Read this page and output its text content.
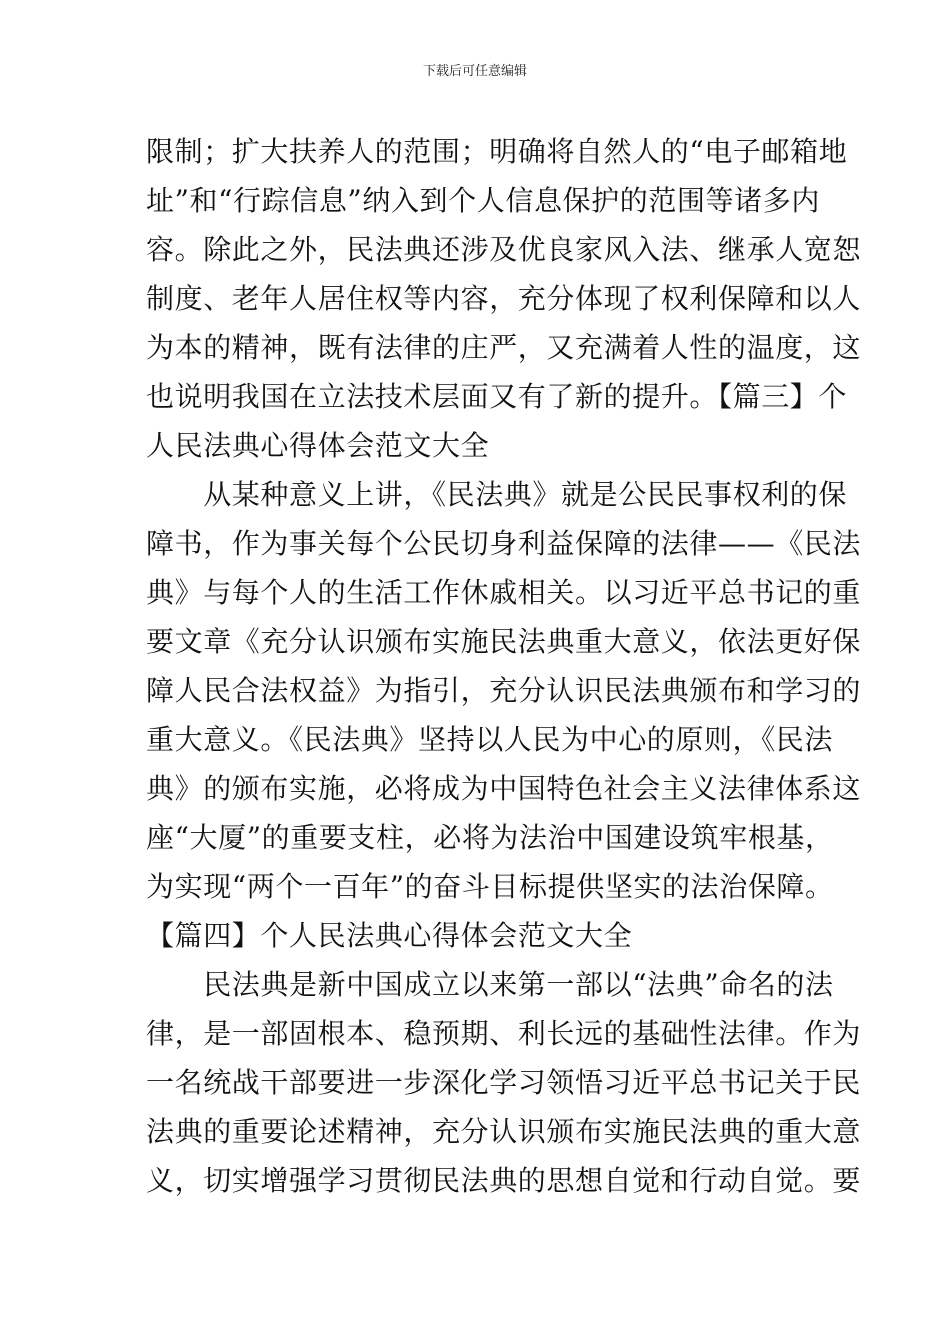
下载后可任意编辑
限制；扩大扶养人的范围；明确将自然人的“电子邮箱地
址”和“行踪信息”纳入到个人信息保护的范围等诸多内
容。除此之外，民法典还涉及优良家风入法、继承人宽恕
制度、老年人居住权等内容，充分体现了权利保障和以人
为本的精神，既有法律的庄严，又充满着人性的温度，这
也说明我国在立法技术层面又有了新的提升。【篇三】个
人民法典心得体会范文大全
　　从某种意义上讲，《民法典》就是公民民事权利的保
障书，作为事关每个公民切身利益保障的法律——《民法
典》与每个人的生活工作休戚相关。以习近平总书记的重
要文章《充分认识颁布实施民法典重大意义，依法更好保
障人民合法权益》为指引，充分认识民法典颁布和学习的
重大意义。《民法典》坚持以人民为中心的原则，《民法
典》的颁布实施，必将成为中国特色社会主义法律体系这
座“大厦”的重要支柱，必将为法治中国建设筑牢根基，
为实现“两个一百年”的奋斗目标提供坚实的法治保障。
【篇四】个人民法典心得体会范文大全
　　民法典是新中国成立以来第一部以“法典”命名的法
律，是一部固根本、稳预期、利长远的基础性法律。作为
一名统战干部要进一步深化学习领悟习近平总书记关于民
法典的重要论述精神，充分认识颁布实施民法典的重大意
义，切实增强学习贯彻民法典的思想自觉和行动自觉。要
